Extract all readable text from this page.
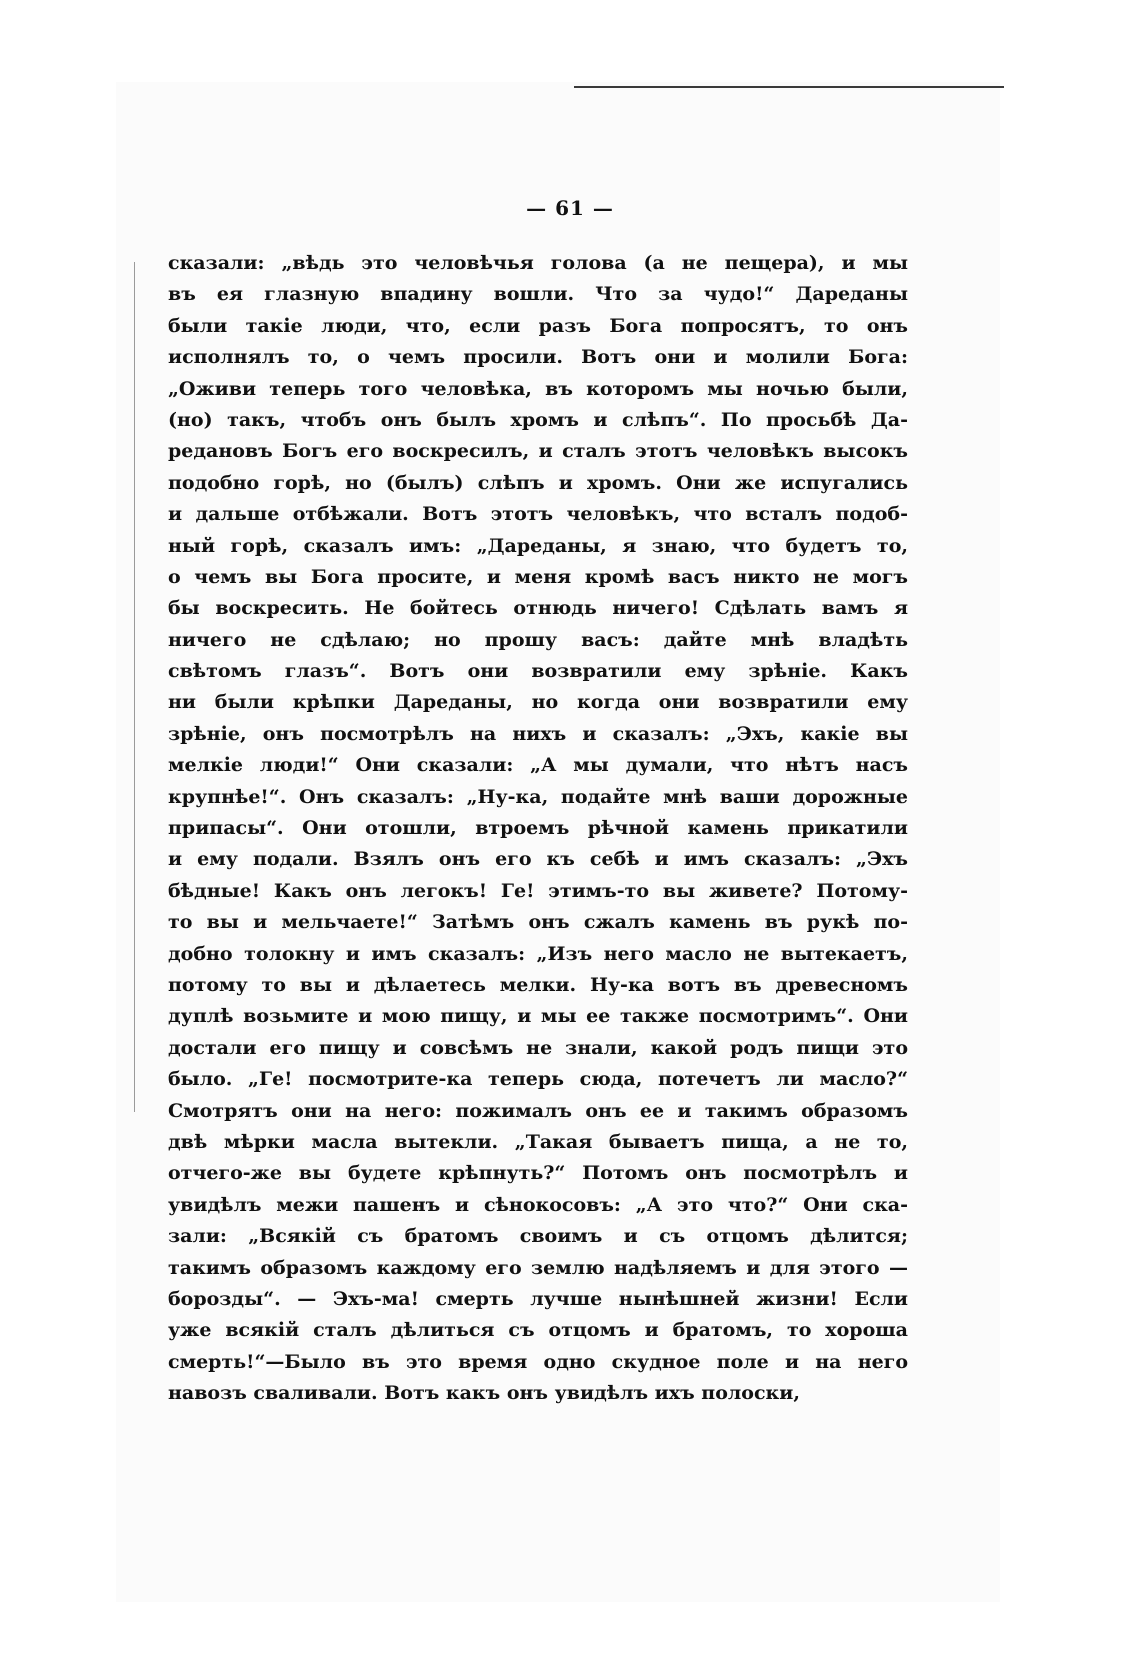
— 61 —
сказали: „вѣдь это человѣчья голова (а не пещера), и мы
въ ея глазную впадину вошли. Что за чудо!“ Дареданы
были такіе люди, что, если разъ Бога попросятъ, то онъ
исполнялъ то, о чемъ просили. Вотъ они и молили Бога:
„Оживи теперь того человѣка, въ которомъ мы ночью были,
(но) такъ, чтобъ онъ былъ хромъ и слѣпъ“. По просьбѣ Да-
редановъ Богъ его воскресилъ, и сталъ этотъ человѣкъ высокъ
подобно горѣ, но (былъ) слѣпъ и хромъ. Они же испугались
и дальше отбѣжали. Вотъ этотъ человѣкъ, что всталъ подоб-
ный горѣ, сказалъ имъ: „Дареданы, я знаю, что будетъ то,
о чемъ вы Бога просите, и меня кромѣ васъ никто не могъ
бы воскресить. Не бойтесь отнюдь ничего! Сдѣлать вамъ я
ничего не сдѣлаю; но прошу васъ: дайте мнѣ владѣть
свѣтомъ глазъ“. Вотъ они возвратили ему зрѣніе. Какъ
ни были крѣпки Дареданы, но когда они возвратили ему
зрѣніе, онъ посмотрѣлъ на нихъ и сказалъ: „Эхъ, какіе вы
мелкіе люди!“ Они сказали: „А мы думали, что нѣтъ насъ
крупнѣе!“. Онъ сказалъ: „Ну-ка, подайте мнѣ ваши дорожные
припасы“. Они отошли, втроемъ рѣчной камень прикатили
и ему подали. Взялъ онъ его къ себѣ и имъ сказалъ: „Эхъ
бѣдные! Какъ онъ легокъ! Ге! этимъ-то вы живете? Потому-
то вы и мельчаете!“ Затѣмъ онъ сжалъ камень въ рукѣ по-
добно толокну и имъ сказалъ: „Изъ него масло не вытекаетъ,
потому то вы и дѣлаетесь мелки. Ну-ка вотъ въ древесномъ
дуплѣ возьмите и мою пищу, и мы ее также посмотримъ“. Они
достали его пищу и совсѣмъ не знали, какой родъ пищи это
было. „Ге! посмотрите-ка теперь сюда, потечетъ ли масло?“
Смотрятъ они на него: пожималъ онъ ее и такимъ образомъ
двѣ мѣрки масла вытекли. „Такая бываетъ пища, а не то,
отчего-же вы будете крѣпнуть?“ Потомъ онъ посмотрѣлъ и
увидѣлъ межи пашенъ и сѣнокосовъ: „А это что?“ Они ска-
зали: „Всякій съ братомъ своимъ и съ отцомъ дѣлится;
такимъ образомъ каждому его землю надѣляемъ и для этого —
борозды“. — Эхъ-ма! смерть лучше нынѣшней жизни! Если
уже всякій сталъ дѣлиться съ отцомъ и братомъ, то хороша
смерть!“—Было въ это время одно скудное поле и на него
навозъ сваливали. Вотъ какъ онъ увидѣлъ ихъ полоски,
